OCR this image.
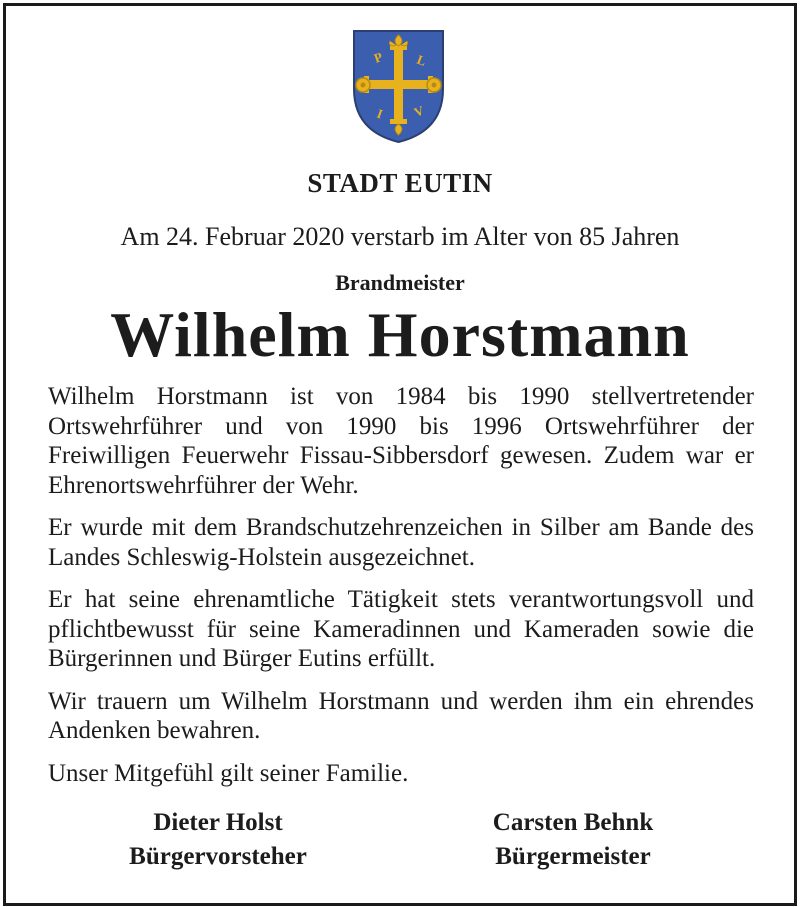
P L
I V
STADT EUTIN
Am 24. Februar 2020 verstarb im Alter von 85 Jahren
Brandmeister
Wilhelm Horstmann

Wilhelm Horstmann ist von 1984 bis 1990 stellvertretender Ortswehrführer und von 1990 bis 1996 Ortswehrführer der Freiwilligen Feuerwehr Fissau-Sibbersdorf gewesen. Zudem war er Ehrenortswehrführer der Wehr.

Er wurde mit dem Brandschutzehrenzeichen in Silber am Bande des Landes Schleswig-Holstein ausgezeichnet.

Er hat seine ehrenamtliche Tätigkeit stets verantwortungsvoll und pflichtbewusst für seine Kameradinnen und Kameraden sowie die Bürgerinnen und Bürger Eutins erfüllt.

Wir trauern um Wilhelm Horstmann und werden ihm ein ehrendes Andenken bewahren.

Unser Mitgefühl gilt seiner Familie.

Dieter Holst
Bürgervorsteher
Carsten Behnk
Bürgermeister
